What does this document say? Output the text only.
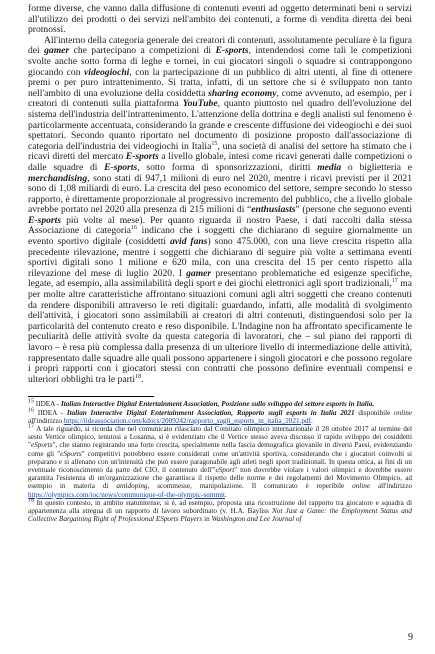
forme diverse, che vanno dalla diffusione di contenuti eventi ad oggetto determinati beni o servizi all'utilizzo dei prodotti o dei servizi nell'ambito dei contenuti, a forme di vendita diretta dei beni promossi.

All'interno della categoria generale dei creatori di contenuti, assolutamente peculiare è la figura dei gamer che partecipano a competizioni di E-sports, intendendosi come tali le competizioni svolte anche sotto forma di leghe e tornei, in cui giocatori singoli o squadre si contrappongono giocando con videogiochi, con la partecipazione di un pubblico di altri utenti, al fine di ottenere premi o per puro intrattenimento. Si tratta, infatti, di un settore che si è sviluppato non tanto nell'ambito di una evoluzione della cosiddetta sharing economy, come avvenuto, ad esempio, per i creatori di contenuti sulla piattaforma YouTube, quanto piuttosto nel quadro dell'evoluzione del sistema dell'industria dell'intrattenimento. L'attenzione della dottrina e degli analisti sul fenomeno è particolarmente accentuata, considerando la grande e crescente diffusione dei videogiochi e dei suoi spettatori. Secondo quanto riportato nel documento di posizione proposto dall'associazione di categoria dell'industria dei videogiochi in Italia$^{15}$, una società di analisi del settore ha stimato che i ricavi diretti del mercato E-sports a livello globale, intesi come ricavi generati dalle competizioni o dalle squadre di E-sports, sotto forma di sponsorizzazioni, diritti media o biglietteria e merchandising, sono stati di 947,1 milioni di euro nel 2020, mentre i ricavi previsti per il 2021 sono di 1,08 miliardi di euro. La crescita del peso economico del settore, sempre secondo lo stesso rapporto, è direttamente proporzionale al progressivo incremento del pubblico, che a livello globale avrebbe portato nel 2020 alla presenza di 215 milioni di “enthusiasts” (persone che seguono eventi E-sports più volte al mese). Per quanto riguarda il nostro Paese, i dati raccolti dalla stessa Associazione di categoria$^{16}$ indicano che i soggetti che dichiarano di seguire giornalmente un evento sportivo digitale (cosiddetti avid fans) sono 475.000, con una lieve crescita rispetto alla precedente rilevazione, mentre i soggetti che dichiarano di seguire più volte a settimana eventi sportivi digitali sono 1 milione e 620 mila, con una crescita del 15 per cento rispetto alla rilevazione del mese di luglio 2020. I gamer presentano problematiche ed esigenze specifiche, legate, ad esempio, alla assimilabilità degli sport e dei giochi elettronici agli sport tradizionali,$^{17}$ ma per molte altre caratteristiche affrontano situazioni comuni agli altri soggetti che creano contenuti da rendere disponibili attraverso le reti digitali: guardando, infatti, alle modalità di svolgimento dell'attività, i giocatori sono assimilabili ai creatori di altri contenuti, distinguendosi solo per la particolarità del contenuto creato e reso disponibile. L'Indagine non ha affrontato specificamente le peculiarità delle attività svolte da questa categoria di lavoratori, che – sul piano dei rapporti di lavoro – è resa più complessa dalla presenza di un ulteriore livello di intermediazione delle attività, rappresentato dalle squadre alle quali possono appartenere i singoli giocatori e che possono regolare i propri rapporti con i giocatori stessi con contratti che possono definire eventuali compensi e ulteriori obblighi tra le parti$^{18}$.

$^{15}$ IIDEA - Italian Interactive Digital Entertainment Association, Posizione sullo sviluppo del settore esports in Italia.

$^{16}$ IIDEA - Italian Interactive Digital Entertainment Association, Rapporto sugli esports in Italia 2021 disponibile online all'indirizzo https://iideassociation.com/kdocs/2009242/rapporto_sugli_esports_in_italia_2021.pdf.

$^{17}$ A tale riguardo, si ricorda che nel comunicato rilasciato dal Comitato olimpico internazionale il 28 ottobre 2017 al termine del sesto Vertice olimpico, tenutosi a Losanna, si è evidenziato che il Vertice stesso aveva discusso il rapido sviluppo dei cosiddetti "eSports", che stanno registrando una forte crescita, specialmente nella fascia demografica giovanile in diversi Paesi, evidenziando come gli "eSports" competitivi potrebbero essere considerati come un'attività sportiva, considerando che i giocatori coinvolti si preparano e si allenano con un'intensità che può essere paragonabile agli atleti negli sport tradizionali. In questa ottica, ai fini di un eventuale riconoscimento da parte del CIO, il contenuto dell'"eSport" non dovrebbe violare i valori olimpici e dovrebbe essere garantita l'esistenza di un'organizzazione che garantisca il rispetto delle norme e dei regolamenti del Movimento Olimpico, ad esempio in materia di antidoping, scommesse, manipolazione. Il comunicato è reperibile online all'indirizzo https://olympics.com/ioc/news/communique-of-the-olympic-summit.

$^{18}$ In questo contesto, in ambito statunitense, si è, ad esempio, proposta una ricostruzione del rapporto tra giocatore e squadra di appartenenza alla stregua di un rapporto di lavoro subordinato (v. H.A. Bayliss Not Just a Game: the Employment Status and Collective Bargaining Right of Professional ESports Players in Washington and Lee Journal of

9
